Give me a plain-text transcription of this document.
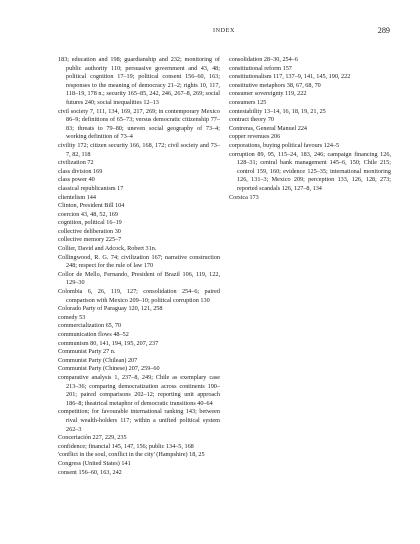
INDEX	289

183; education and 198; guardianship and 232; monitoring of public authority 110; persuasive government and 43, 48; political cognition 17–19; political consent 156–60, 163; responses to the meaning of democracy 21–2; rights 10, 117, 118–19, 178 n.; security 165–85, 242, 246, 267–8, 269; social futures 240; social inequalities 12–13

civil society 7, 111, 134, 169, 217, 269; in contemporary Mexico 86–9; definitions of 65–73; versus democratic citizenship 77–83; threats to 79–80; uneven social geography of 73–4; working definition of 73–4

civility 172; citizen security 166, 168, 172; civil society and 73–7, 82, 118

civilization 72

class division 169

class power 40

classical republicanism 17

clientelism 144

Clinton, President Bill 104

coercion 43, 48, 52, 169

cognition, political 16–19

collective deliberation 30

collective memory 225–7

Collier, David and Adcock, Robert 31n.

Collingwood, R. G. 74; civilization 167; narrative construction 248; respect for the rule of law 170

Collor de Mello, Fernando, President of Brazil 106, 119, 122, 129–30

Colombia 6, 26, 119, 127; consolidation 254–6; paired comparison with Mexico 209–10; political corruption 130

Colorado Party of Paraguay 120, 121, 258

comedy 53

commercialization 65, 70

communication flows 48–52

communism 80, 141, 194, 195, 207, 237

Communist Party 27 n.

Communist Party (Chilean) 207

Communist Party (Chinese) 207, 259–60

comparative analysis 1, 237–8, 249; Chile as exemplary case 213–36; comparing democratization across continents 190–201; paired comparisons 202–12; reporting unit approach 186–8; theatrical metaphor of democratic transitions 40–64

competition; for favourable international ranking 143; between rival wealth-holders 117; within a unified political system 262–3

Concertación 227, 229, 235

confidence; financial 145, 147, 156; public 134–5, 168

'conflict in the soul, conflict in the city' (Hampshire) 18, 25

Congress (United States) 141

consent 156–60, 163, 242

consolidation 28–30, 254–6

constitutional reform 157

constitutionalism 117, 137–9, 141, 145, 190, 222

constitutive metaphors 38, 67, 68, 70

consumer sovereignty 119, 222

consumers 125

contestability 13–14, 16, 18, 19, 21, 25

contract theory 70

Contreras, General Manuel 224

copper revenues 206

corporations, buying political favours 124–5

corruption 89, 95, 115–24, 183, 246; campaign financing 126, 128–31; central bank management 145–6, 150; Chile 215; control 159, 160; evidence 125–35; international monitoring 126, 131–3; Mexico 209; perception 133, 126, 128, 273; reported scandals 126, 127–8, 134

Corsica 173
